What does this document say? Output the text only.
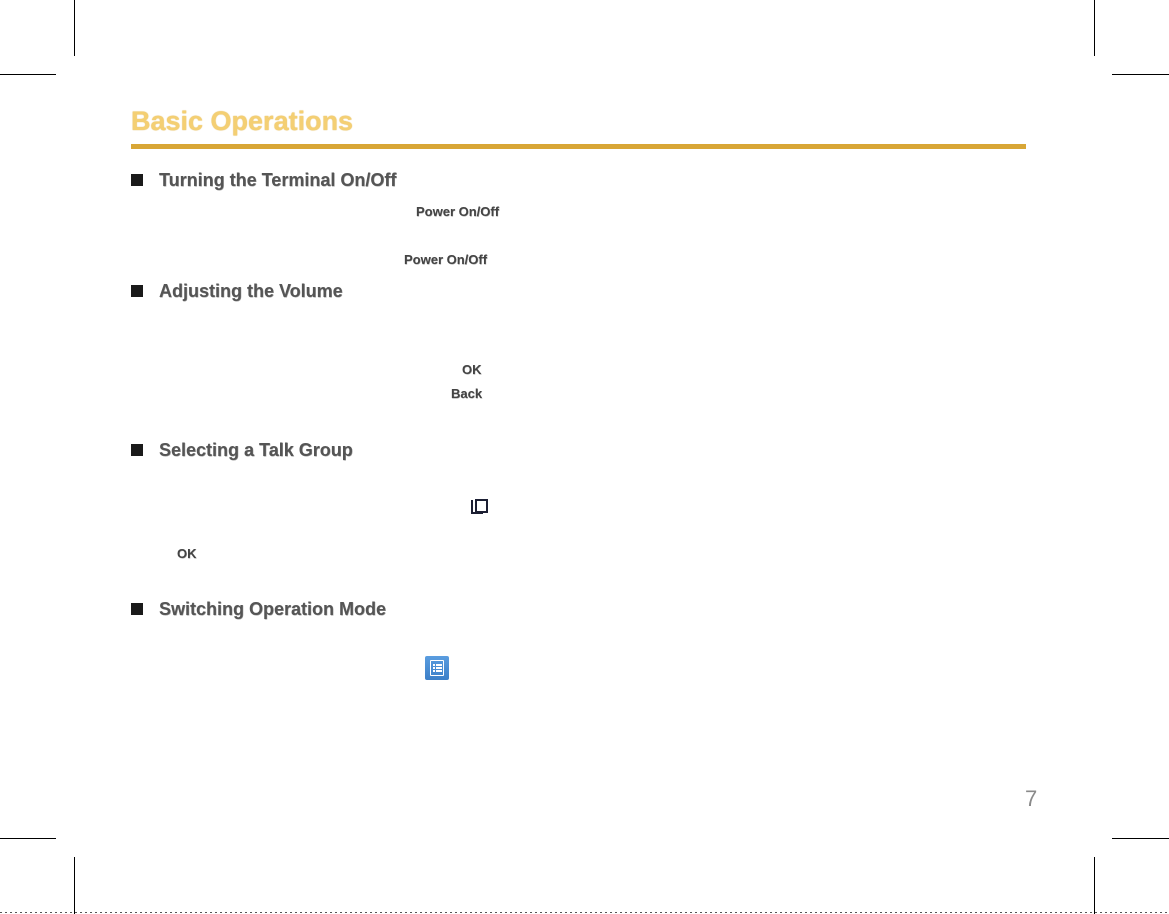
Basic Operations
Turning the Terminal On/Off
Power On/Off
Power On/Off
Adjusting the Volume
OK
Back
Selecting a Talk Group
OK
Switching Operation Mode
7
